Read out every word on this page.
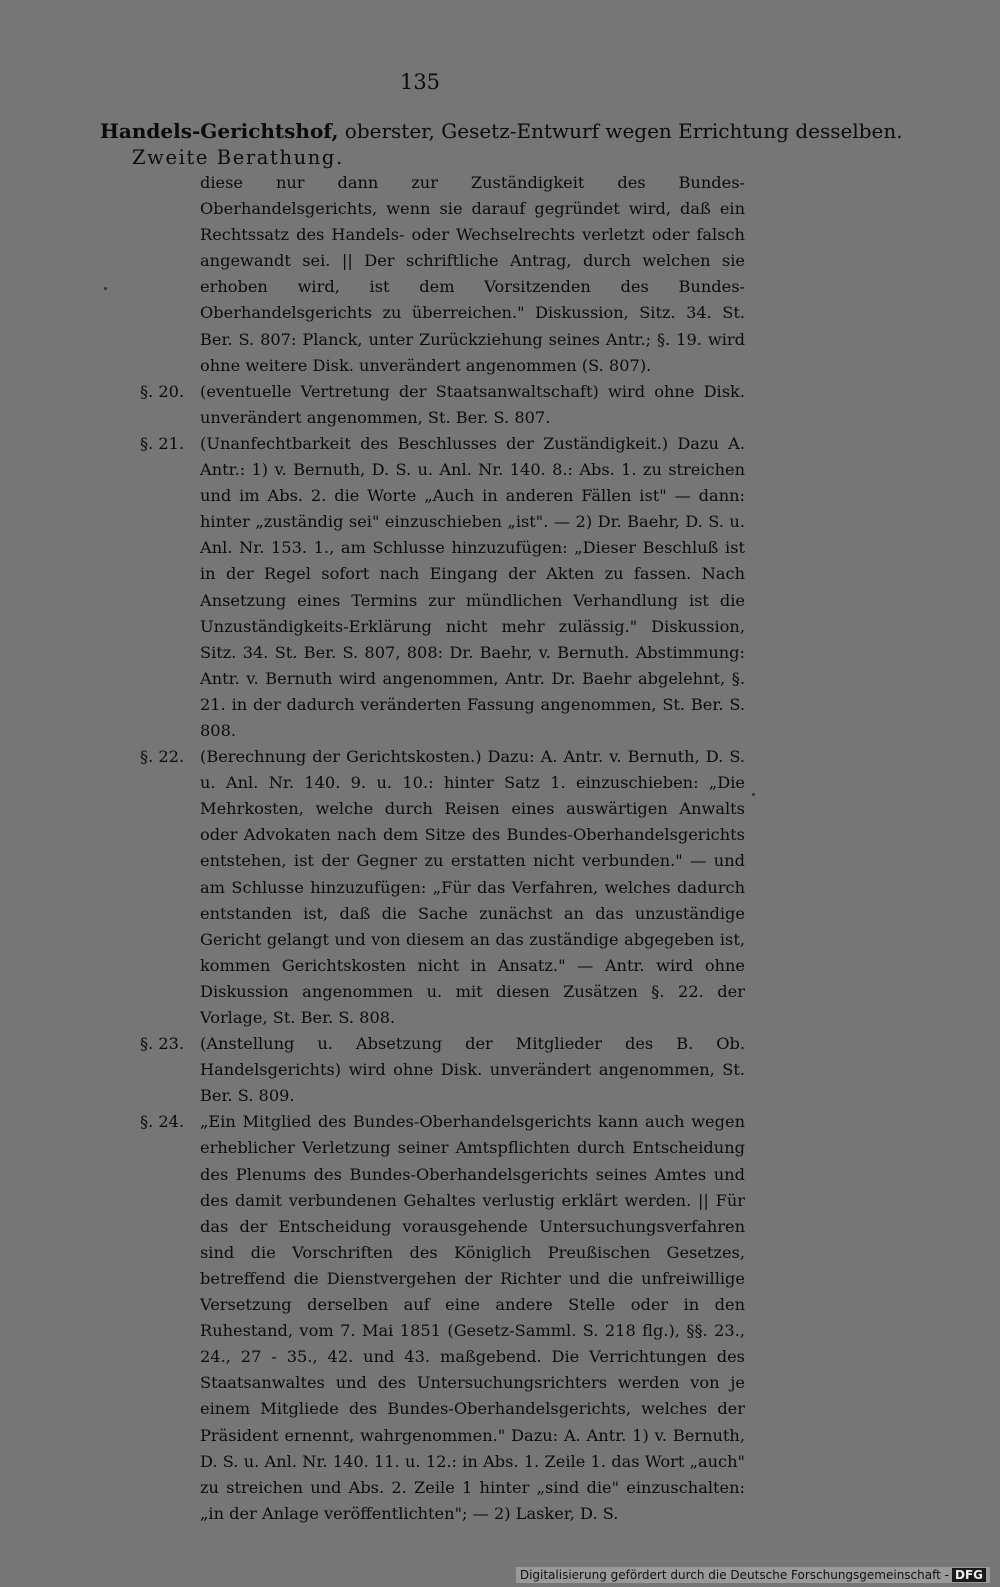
135
Handels-Gerichtshof, oberster, Gesetz-Entwurf wegen Errichtung desselben.
Zweite Berathung.
diese nur dann zur Zuständigkeit des Bundes-Oberhandelsgerichts, wenn sie darauf gegründet wird, daß ein Rechtssatz des Handels- oder Wechselrechts verletzt oder falsch angewandt sei. || Der schriftliche Antrag, durch welchen sie erhoben wird, ist dem Vorsitzenden des Bundes-Oberhandelsgerichts zu überreichen." Diskussion, Sitz. 34. St. Ber. S. 807: Planck, unter Zurückziehung seines Antr.; §. 19. wird ohne weitere Disk. unverändert angenommen (S. 807).
§. 20. (eventuelle Vertretung der Staatsanwaltschaft) wird ohne Disk. unverändert angenommen, St. Ber. S. 807.
§. 21. (Unanfechtbarkeit des Beschlusses der Zuständigkeit.) Dazu A. Antr.: 1) v. Bernuth, D. S. u. Anl. Nr. 140. 8.: Abs. 1. zu streichen und im Abs. 2. die Worte „Auch in anderen Fällen ist" — dann: hinter „zuständig sei" einzuschieben „ist". — 2) Dr. Baehr, D. S. u. Anl. Nr. 153. 1., am Schlusse hinzuzufügen: „Dieser Beschluß ist in der Regel sofort nach Eingang der Akten zu fassen. Nach Ansetzung eines Termins zur mündlichen Verhandlung ist die Unzuständigkeits-Erklärung nicht mehr zulässig." Diskussion, Sitz. 34. St. Ber. S. 807, 808: Dr. Baehr, v. Bernuth. Abstimmung: Antr. v. Bernuth wird angenommen, Antr. Dr. Baehr abgelehnt, §. 21. in der dadurch veränderten Fassung angenommen, St. Ber. S. 808.
§. 22. (Berechnung der Gerichtskosten.) Dazu: A. Antr. v. Bernuth, D. S. u. Anl. Nr. 140. 9. u. 10.: hinter Satz 1. einzuschieben: „Die Mehrkosten, welche durch Reisen eines auswärtigen Anwalts oder Advokaten nach dem Sitze des Bundes-Oberhandelsgerichts entstehen, ist der Gegner zu erstatten nicht verbunden." — und am Schlusse hinzuzufügen: „Für das Verfahren, welches dadurch entstanden ist, daß die Sache zunächst an das unzuständige Gericht gelangt und von diesem an das zuständige abgegeben ist, kommen Gerichtskosten nicht in Ansatz." — Antr. wird ohne Diskussion angenommen u. mit diesen Zusätzen §. 22. der Vorlage, St. Ber. S. 808.
§. 23. (Anstellung u. Absetzung der Mitglieder des B. Ob. Handelsgerichts) wird ohne Disk. unverändert angenommen, St. Ber. S. 809.
§. 24. „Ein Mitglied des Bundes-Oberhandelsgerichts kann auch wegen erheblicher Verletzung seiner Amtspflichten durch Entscheidung des Plenums des Bundes-Oberhandelsgerichts seines Amtes und des damit verbundenen Gehaltes verlustig erklärt werden. || Für das der Entscheidung vorausgehende Untersuchungsverfahren sind die Vorschriften des Königlich Preußischen Gesetzes, betreffend die Dienstvergehen der Richter und die unfreiwillige Versetzung derselben auf eine andere Stelle oder in den Ruhestand, vom 7. Mai 1851 (Gesetz-Samml. S. 218 flg.), §§. 23., 24., 27 - 35., 42. und 43. maßgebend. Die Verrichtungen des Staatsanwaltes und des Untersuchungsrichters werden von je einem Mitgliede des Bundes-Oberhandelsgerichts, welches der Präsident ernennt, wahrgenommen." Dazu: A. Antr. 1) v. Bernuth, D. S. u. Anl. Nr. 140. 11. u. 12.: in Abs. 1. Zeile 1. das Wort „auch" zu streichen und Abs. 2. Zeile 1 hinter „sind die" einzuschalten: „in der Anlage veröffentlichten"; — 2) Lasker, D. S.
Digitalisierung gefördert durch die Deutsche Forschungsgemeinschaft - DFG
